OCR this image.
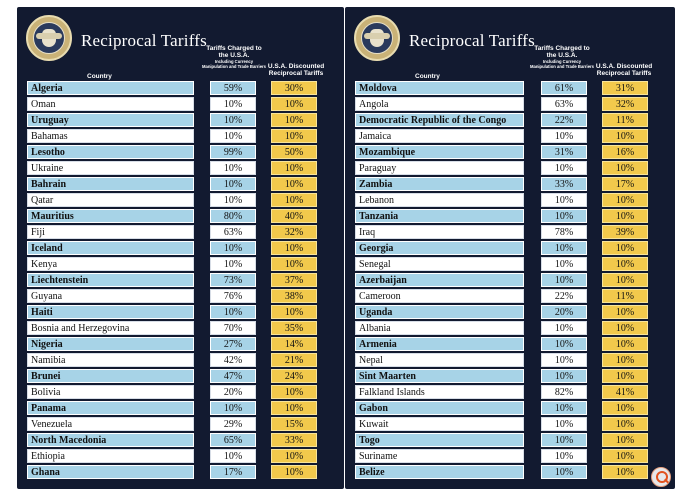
Reciprocal Tariffs
Country
Tariffs Charged to the U.S.A.
Including Currency Manipulation and Trade Barriers U.S.A. Discounted Reciprocal Tariffs
Algeria	59%	30%
Oman	10%	10%
Uruguay	10%	10%
Bahamas	10%	10%
Lesotho	99%	50%
Ukraine	10%	10%
Bahrain	10%	10%
Qatar	10%	10%
Mauritius	80%	40%
Fiji	63%	32%
Iceland	10%	10%
Kenya	10%	10%
Liechtenstein	73%	37%
Guyana	76%	38%
Haiti	10%	10%
Bosnia and Herzegovina	70%	35%
Nigeria	27%	14%
Namibia	42%	21%
Brunei	47%	24%
Bolivia	20%	10%
Panama	10%	10%
Venezuela	29%	15%
North Macedonia	65%	33%
Ethiopia	10%	10%
Ghana	17%	10%
Reciprocal Tariffs
Country
Tariffs Charged to the U.S.A.
Including Currency Manipulation and Trade Barriers U.S.A. Discounted Reciprocal Tariffs
Moldova	61%	31%
Angola	63%	32%
Democratic Republic of the Congo	22%	11%
Jamaica	10%	10%
Mozambique	31%	16%
Paraguay	10%	10%
Zambia	33%	17%
Lebanon	10%	10%
Tanzania	10%	10%
Iraq	78%	39%
Georgia	10%	10%
Senegal	10%	10%
Azerbaijan	10%	10%
Cameroon	22%	11%
Uganda	20%	10%
Albania	10%	10%
Armenia	10%	10%
Nepal	10%	10%
Sint Maarten	10%	10%
Falkland Islands	82%	41%
Gabon	10%	10%
Kuwait	10%	10%
Togo	10%	10%
Suriname	10%	10%
Belize	10%	10%
